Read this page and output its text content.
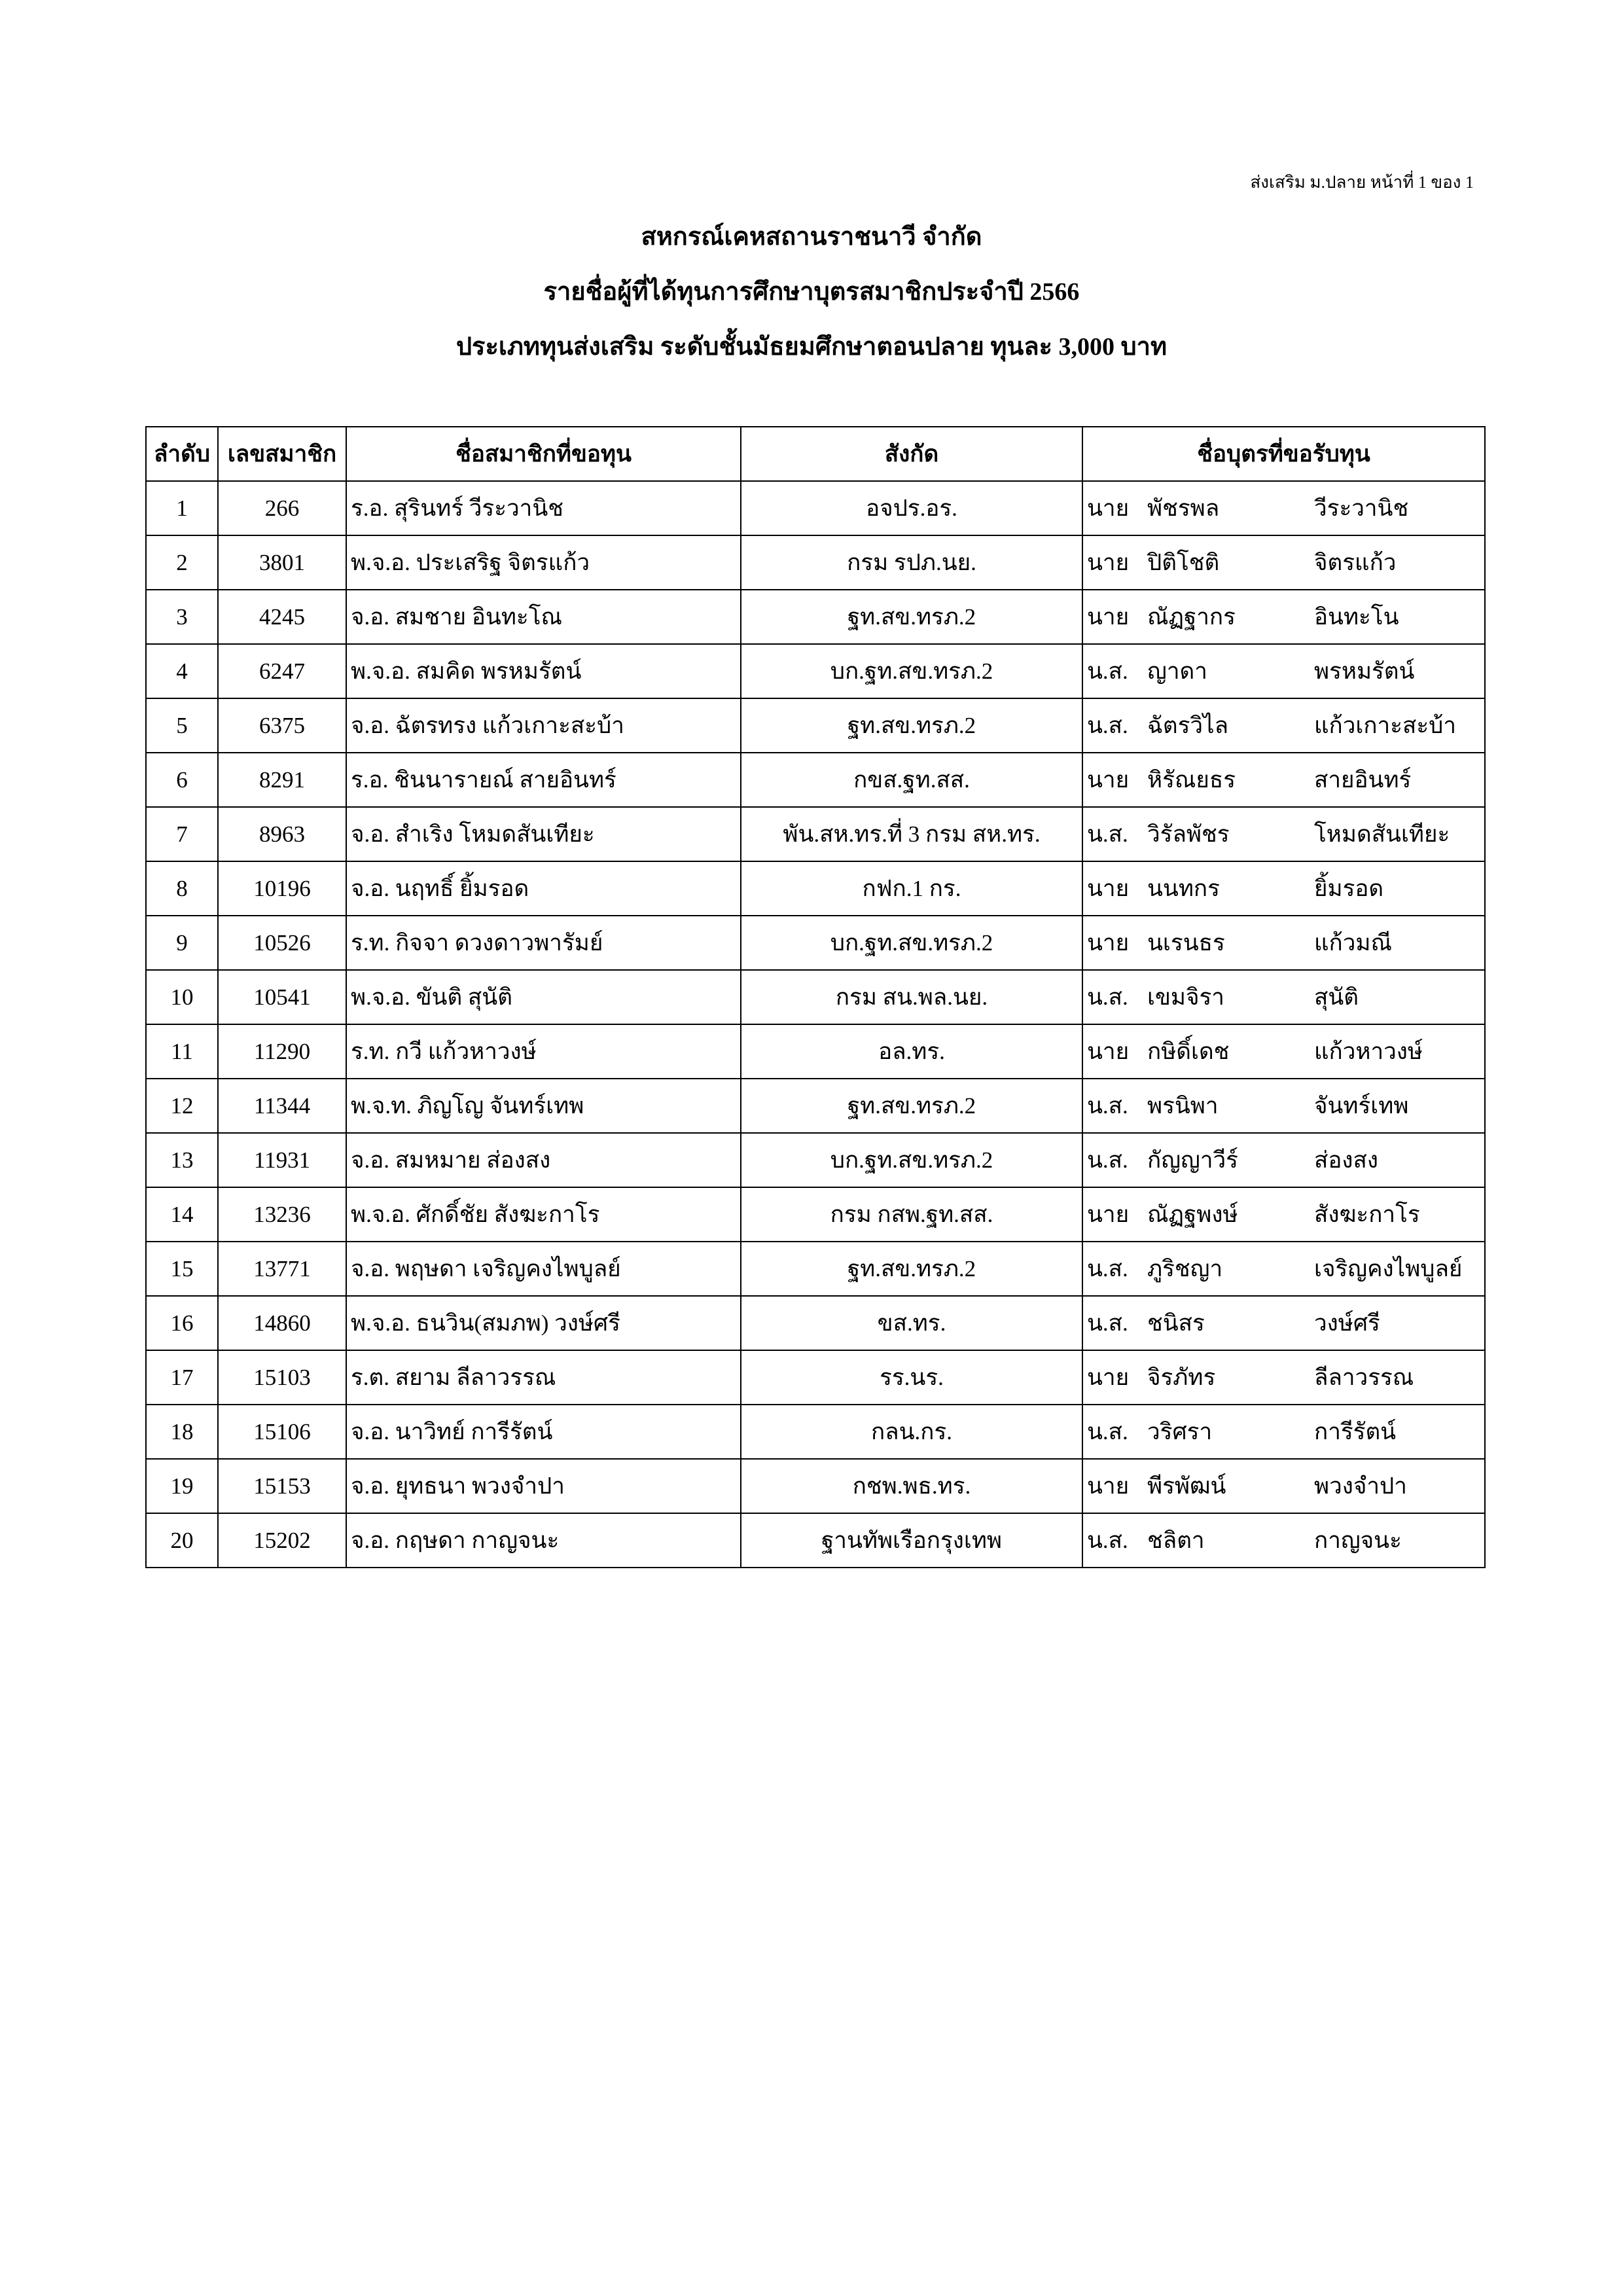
ส่งเสริม ม.ปลาย หน้าที่ 1 ของ 1
สหกรณ์เคหสถานราชนาวี จำกัด
รายชื่อผู้ที่ได้ทุนการศึกษาบุตรสมาชิกประจำปี 2566
ประเภททุนส่งเสริม ระดับชั้นมัธยมศึกษาตอนปลาย ทุนละ 3,000 บาท
ลำดับ	เลขสมาชิก	ชื่อสมาชิกที่ขอทุน	สังกัด	ชื่อบุตรที่ขอรับทุน
1	266	ร.อ. สุรินทร์ วีระวานิช	อจปร.อร.	นาย พัชรพล วีระวานิช
2	3801	พ.จ.อ. ประเสริฐ จิตรแก้ว	กรม รปภ.นย.	นาย ปิติโชติ จิตรแก้ว
3	4245	จ.อ. สมชาย อินทะโณ	ฐท.สข.ทรภ.2	นาย ณัฏฐากร อินทะโน
4	6247	พ.จ.อ. สมคิด พรหมรัตน์	บก.ฐท.สข.ทรภ.2	น.ส. ญาดา พรหมรัตน์
5	6375	จ.อ. ฉัตรทรง แก้วเกาะสะบ้า	ฐท.สข.ทรภ.2	น.ส. ฉัตรวิไล แก้วเกาะสะบ้า
6	8291	ร.อ. ชินนารายณ์ สายอินทร์	กขส.ฐท.สส.	นาย หิรัณยธร สายอินทร์
7	8963	จ.อ. สำเริง โหมดสันเทียะ	พัน.สห.ทร.ที่ 3 กรม สห.ทร.	น.ส. วิรัลพัชร โหมดสันเทียะ
8	10196	จ.อ. นฤทธิ์ ยิ้มรอด	กฟก.1 กร.	นาย นนทกร ยิ้มรอด
9	10526	ร.ท. กิจจา ดวงดาวพารัมย์	บก.ฐท.สข.ทรภ.2	นาย นเรนธร แก้วมณี
10	10541	พ.จ.อ. ขันติ สุนัติ	กรม สน.พล.นย.	น.ส. เขมจิรา สุนัติ
11	11290	ร.ท. กวี แก้วหาวงษ์	อล.ทร.	นาย กษิดิ์เดช แก้วหาวงษ์
12	11344	พ.จ.ท. ภิญโญ จันทร์เทพ	ฐท.สข.ทรภ.2	น.ส. พรนิพา จันทร์เทพ
13	11931	จ.อ. สมหมาย ส่องสง	บก.ฐท.สข.ทรภ.2	น.ส. กัญญาวีร์ ส่องสง
14	13236	พ.จ.อ. ศักดิ์ชัย สังฆะกาโร	กรม กสพ.ฐท.สส.	นาย ณัฏฐพงษ์ สังฆะกาโร
15	13771	จ.อ. พฤษดา เจริญคงไพบูลย์	ฐท.สข.ทรภ.2	น.ส. ภูริชญา เจริญคงไพบูลย์
16	14860	พ.จ.อ. ธนวิน(สมภพ) วงษ์ศรี	ขส.ทร.	น.ส. ชนิสร วงษ์ศรี
17	15103	ร.ต. สยาม ลีลาวรรณ	รร.นร.	นาย จิรภัทร ลีลาวรรณ
18	15106	จ.อ. นาวิทย์ การีรัตน์	กลน.กร.	น.ส. วริศรา การีรัตน์
19	15153	จ.อ. ยุทธนา พวงจำปา	กชพ.พธ.ทร.	นาย พีรพัฒน์ พวงจำปา
20	15202	จ.อ. กฤษดา กาญจนะ	ฐานทัพเรือกรุงเทพ	น.ส. ชลิตา กาญจนะ
